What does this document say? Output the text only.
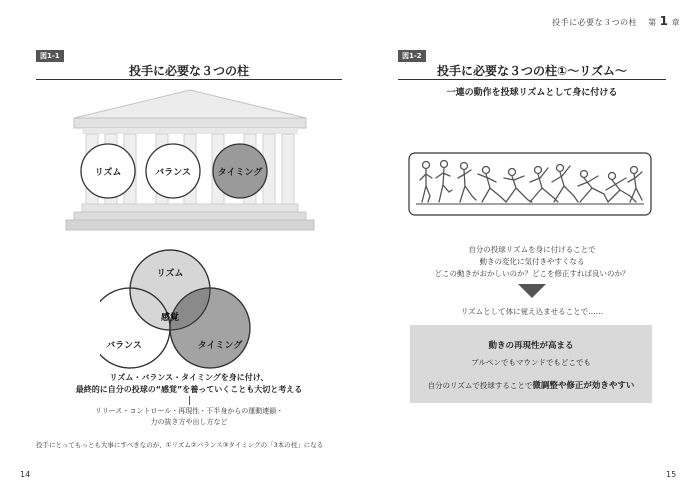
投手に必要な３つの柱 第 1 章
図1-1
投手に必要な３つの柱
リズム	バランス	タイミング
リズム
バランス	タイミング
感覚
リズム・バランス・タイミングを身に付け、
最終的に自分の投球の“感覚”を養っていくことも大切と考える
リリース・コントロール・再現性・下半身からの運動連鎖・
力の抜き方や出し方など
投手にとってもっとも大事にすべきなのが、①リズム②バランス③タイミングの「3本の柱」になる
14
図1-2
投手に必要な３つの柱①〜リズム〜
一連の動作を投球リズムとして身に付ける
自分の投球リズムを身に付けることで
動きの変化に気付きやすくなる
どこの動きがおかしいのか？どこを修正すれば良いのか？
リズムとして体に覚え込ませることで……
動きの再現性が高まる
ブルペンでもマウンドでもどこでも
自分のリズムで投球することで微調整や修正が効きやすい
15
